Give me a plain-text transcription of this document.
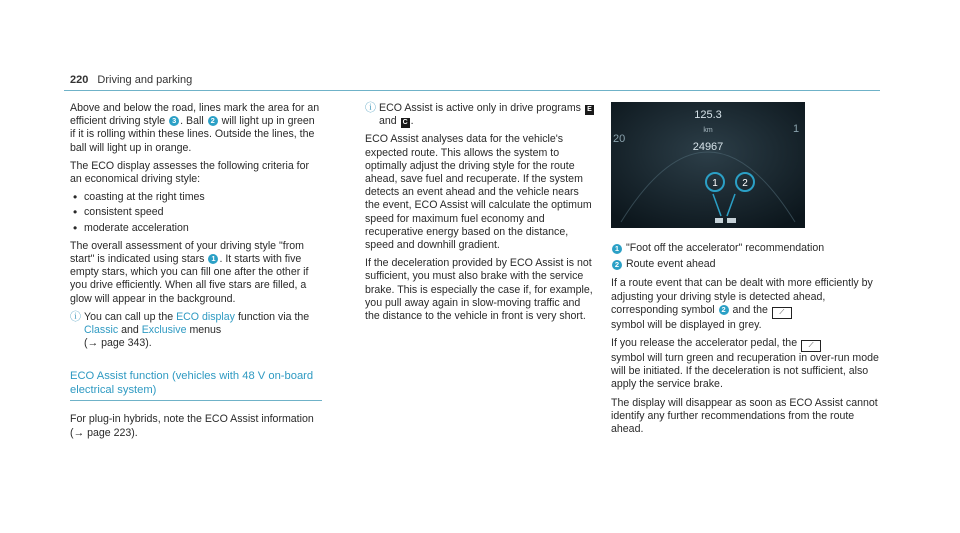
220 Driving and parking

Above and below the road, lines mark the area for an efficient driving style 3 . Ball 2 will light up in green if it is rolling within these lines. Outside the lines, the ball will light up in orange.

The ECO display assesses the following criteria for an economical driving style:

• coasting at the right times
• consistent speed
• moderate acceleration

The overall assessment of your driving style "from start" is indicated using stars 1 . It starts with five empty stars, which you can fill one after the other if you drive efficiently. When all five stars are filled, a glow will appear in the background.

ⓘ You can call up the ECO display function via the Classic and Exclusive menus
(→ page 343).
ECO Assist function (vehicles with 48 V on-board electrical system)

For plug-in hybrids, note the ECO Assist information (→ page 223).

ⓘ ECO Assist is active only in drive programs E and C .

ECO Assist analyses data for the vehicle's expected route. This allows the system to optimally adjust the driving style for the route ahead, save fuel and recuperate. If the system detects an event ahead and the vehicle nears the event, ECO Assist will calculate the optimum speed for maximum fuel economy and recuperative energy based on the distance, speed and downhill gradient.

If the deceleration provided by ECO Assist is not sufficient, you must also brake with the service brake. This is especially the case if, for example, you pull away again in slow-moving traffic and the distance to the vehicle in front is very short.

125.3
km
24967
20
1
1 2
1 "Foot off the accelerator" recommendation
2 Route event ahead

If a route event that can be dealt with more efficiently by adjusting your driving style is detected ahead, corresponding symbol 2 and the ⟋
symbol will be displayed in grey.

If you release the accelerator pedal, the ⟋
symbol will turn green and recuperation in over-run mode will be initiated. If the deceleration is not sufficient, also apply the service brake.

The display will disappear as soon as ECO Assist cannot identify any further recommendations from the route ahead.
